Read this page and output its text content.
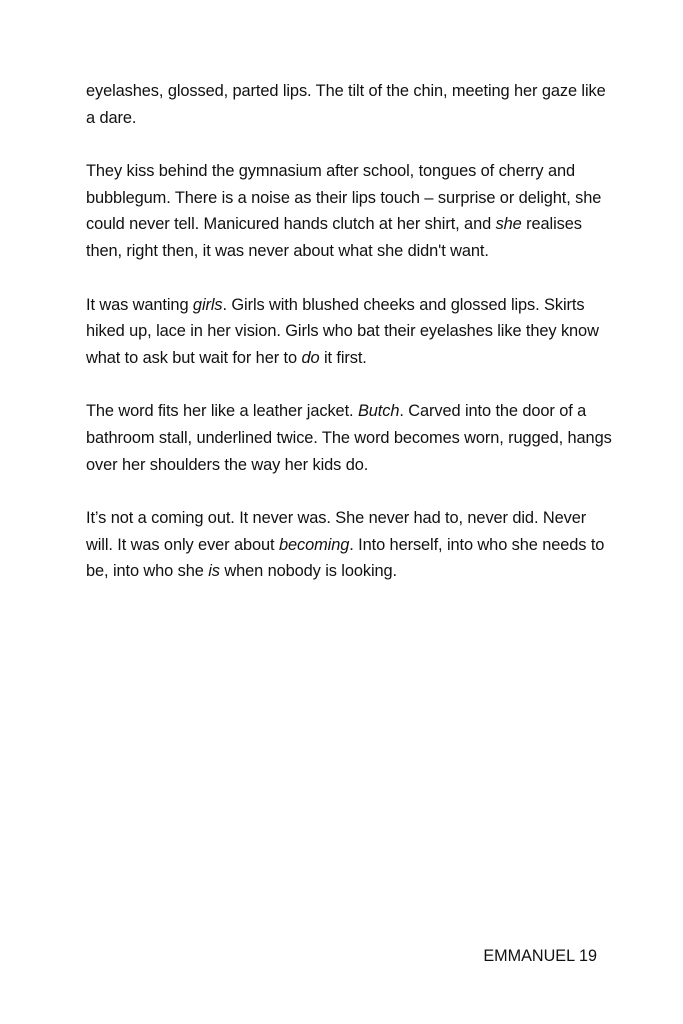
eyelashes, glossed, parted lips. The tilt of the chin, meeting her gaze like a dare.

They kiss behind the gymnasium after school, tongues of cherry and bubblegum. There is a noise as their lips touch – surprise or delight, she could never tell. Manicured hands clutch at her shirt, and she realises then, right then, it was never about what she didn't want.

It was wanting girls. Girls with blushed cheeks and glossed lips. Skirts hiked up, lace in her vision. Girls who bat their eyelashes like they know what to ask but wait for her to do it first.

The word fits her like a leather jacket. Butch. Carved into the door of a bathroom stall, underlined twice. The word becomes worn, rugged, hangs over her shoulders the way her kids do.

It’s not a coming out. It never was. She never had to, never did. Never will. It was only ever about becoming. Into herself, into who she needs to be, into who she is when nobody is looking.

EMMANUEL 19
